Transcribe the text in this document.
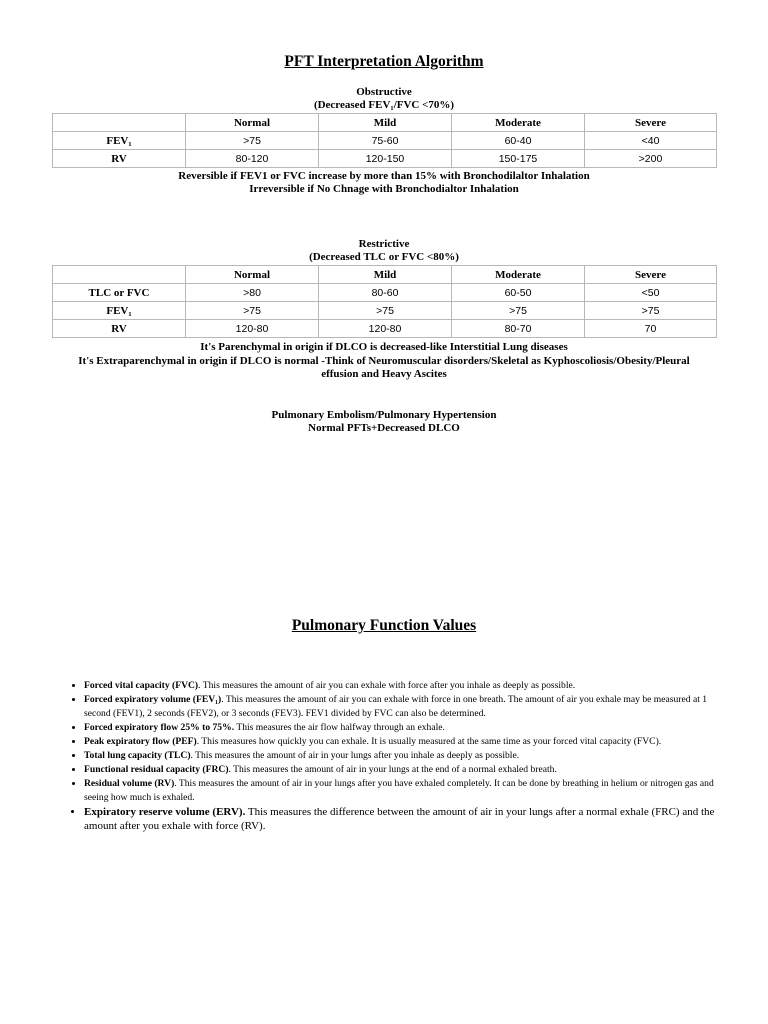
PFT Interpretation Algorithm
Obstructive
(Decreased FEV₁/FVC <70%)
	Normal	Mild	Moderate	Severe
FEV₁	>75	75-60	60-40	<40
RV	80-120	120-150	150-175	>200
Reversible if FEV1 or FVC increase by more than 15% with Bronchodilaltor Inhalation
Irreversible if No Chnage with Bronchodialtor Inhalation
Restrictive
(Decreased TLC or FVC <80%)
	Normal	Mild	Moderate	Severe
TLC or FVC	>80	80-60	60-50	<50
FEV₁	>75	>75	>75	>75
RV	120-80	120-80	80-70	70
It's Parenchymal in origin if DLCO is decreased-like Interstitial Lung diseases
It's Extraparenchymal in origin if DLCO is normal -Think of Neuromuscular disorders/Skeletal as Kyphoscoliosis/Obesity/Pleural
effusion and Heavy Ascites
Pulmonary Embolism/Pulmonary Hypertension
Normal PFTs+Decreased DLCO
Pulmonary Function Values
• Forced vital capacity (FVC). This measures the amount of air you can exhale with force after you inhale as deeply as possible.
• Forced expiratory volume (FEV₁). This measures the amount of air you can exhale with force in one breath. The amount of air you exhale may be measured at 1 second (FEV1), 2 seconds (FEV2), or 3 seconds (FEV3). FEV1 divided by FVC can also be determined.
• Forced expiratory flow 25% to 75%. This measures the air flow halfway through an exhale.
• Peak expiratory flow (PEF). This measures how quickly you can exhale. It is usually measured at the same time as your forced vital capacity (FVC).
• Total lung capacity (TLC). This measures the amount of air in your lungs after you inhale as deeply as possible.
• Functional residual capacity (FRC). This measures the amount of air in your lungs at the end of a normal exhaled breath.
• Residual volume (RV). This measures the amount of air in your lungs after you have exhaled completely. It can be done by breathing in helium or nitrogen gas and seeing how much is exhaled.
• Expiratory reserve volume (ERV). This measures the difference between the amount of air in your lungs after a normal exhale (FRC) and the amount after you exhale with force (RV).
